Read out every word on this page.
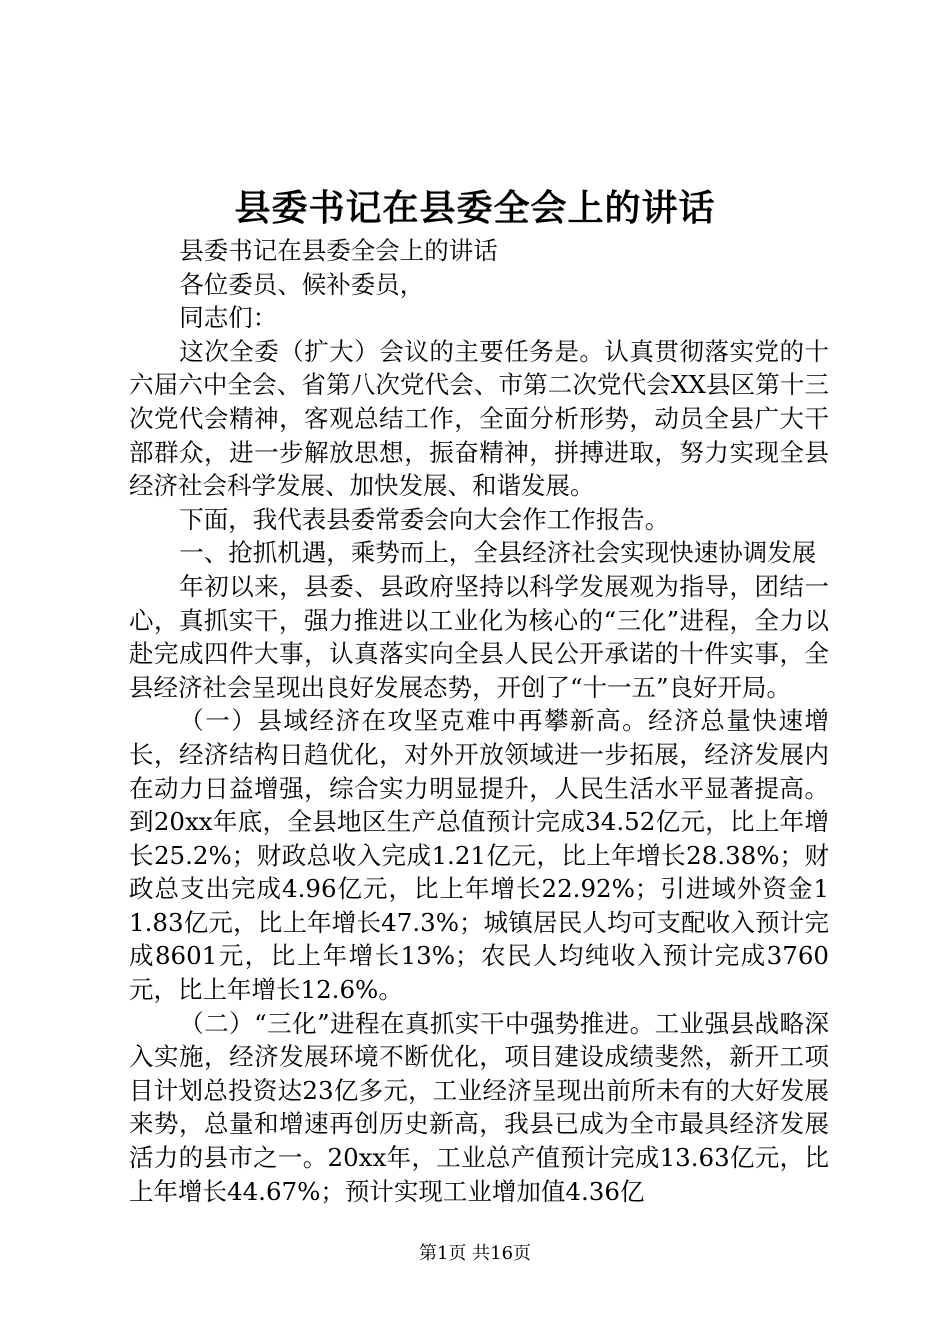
县委书记在县委全会上的讲话

县委书记在县委全会上的讲话

各位委员、候补委员，

同志们：

这次全委（扩大）会议的主要任务是。认真贯彻落实党的十六届六中全会、省第八次党代会、市第二次党代会XX县区第十三次党代会精神，客观总结工作，全面分析形势，动员全县广大干部群众，进一步解放思想，振奋精神，拼搏进取，努力实现全县经济社会科学发展、加快发展、和谐发展。

下面，我代表县委常委会向大会作工作报告。

一、抢抓机遇，乘势而上，全县经济社会实现快速协调发展

年初以来，县委、县政府坚持以科学发展观为指导，团结一心，真抓实干，强力推进以工业化为核心的“三化”进程，全力以赴完成四件大事，认真落实向全县人民公开承诺的十件实事，全县经济社会呈现出良好发展态势，开创了“十一五”良好开局。

（一）县域经济在攻坚克难中再攀新高。经济总量快速增长，经济结构日趋优化，对外开放领域进一步拓展，经济发展内在动力日益增强，综合实力明显提升，人民生活水平显著提高。到20xx年底，全县地区生产总值预计完成34.52亿元，比上年增长25.2%；财政总收入完成1.21亿元，比上年增长28.38%；财政总支出完成4.96亿元，比上年增长22.92%；引进域外资金11.83亿元，比上年增长47.3%；城镇居民人均可支配收入预计完成8601元，比上年增长13%；农民人均纯收入预计完成3760元，比上年增长12.6%。

（二）“三化”进程在真抓实干中强势推进。工业强县战略深入实施，经济发展环境不断优化，项目建设成绩斐然，新开工项目计划总投资达23亿多元，工业经济呈现出前所未有的大好发展来势，总量和增速再创历史新高，我县已成为全市最具经济发展活力的县市之一。20xx年，工业总产值预计完成13.63亿元，比上年增长44.67%；预计实现工业增加值4.36亿

第1页 共16页
